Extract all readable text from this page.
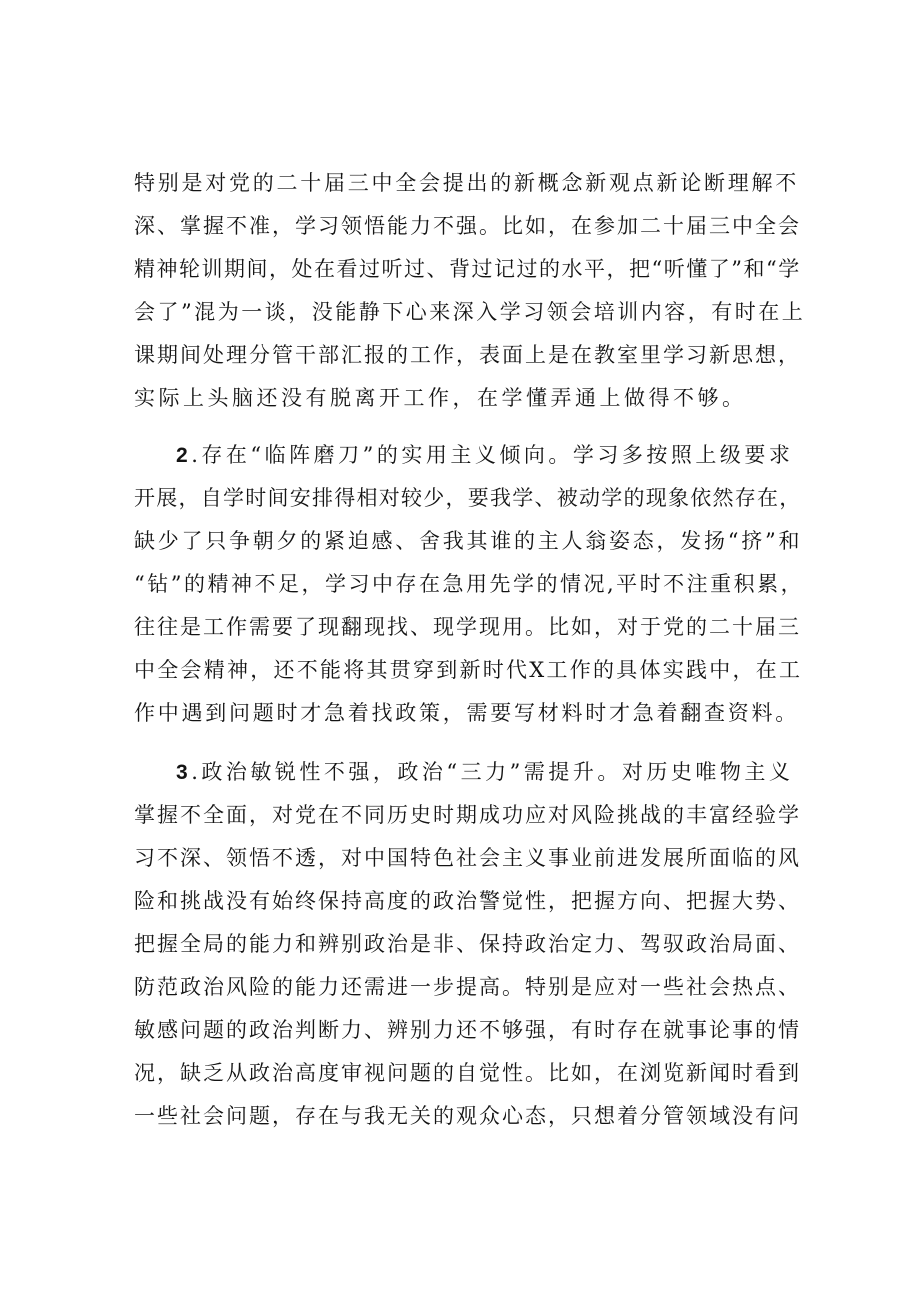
特别是对党的二十届三中全会提出的新概念新观点新论断理解不
深、掌握不准，学习领悟能力不强。比如，在参加二十届三中全会
精神轮训期间，处在看过听过、背过记过的水平，把“听懂了”和“学
会了”混为一谈，没能静下心来深入学习领会培训内容，有时在上
课期间处理分管干部汇报的工作，表面上是在教室里学习新思想，
实际上头脑还没有脱离开工作，在学懂弄通上做得不够。
2.存在“临阵磨刀”的实用主义倾向。学习多按照上级要求
开展，自学时间安排得相对较少，要我学、被动学的现象依然存在，
缺少了只争朝夕的紧迫感、舍我其谁的主人翁姿态，发扬“挤”和
“钻”的精神不足，学习中存在急用先学的情况,平时不注重积累，
往往是工作需要了现翻现找、现学现用。比如，对于党的二十届三
中全会精神，还不能将其贯穿到新时代X工作的具体实践中，在工
作中遇到问题时才急着找政策，需要写材料时才急着翻查资料。
3.政治敏锐性不强，政治“三力”需提升。对历史唯物主义
掌握不全面，对党在不同历史时期成功应对风险挑战的丰富经验学
习不深、领悟不透，对中国特色社会主义事业前进发展所面临的风
险和挑战没有始终保持高度的政治警觉性，把握方向、把握大势、
把握全局的能力和辨别政治是非、保持政治定力、驾驭政治局面、
防范政治风险的能力还需进一步提高。特别是应对一些社会热点、
敏感问题的政治判断力、辨别力还不够强，有时存在就事论事的情
况，缺乏从政治高度审视问题的自觉性。比如，在浏览新闻时看到
一些社会问题，存在与我无关的观众心态，只想着分管领域没有问
